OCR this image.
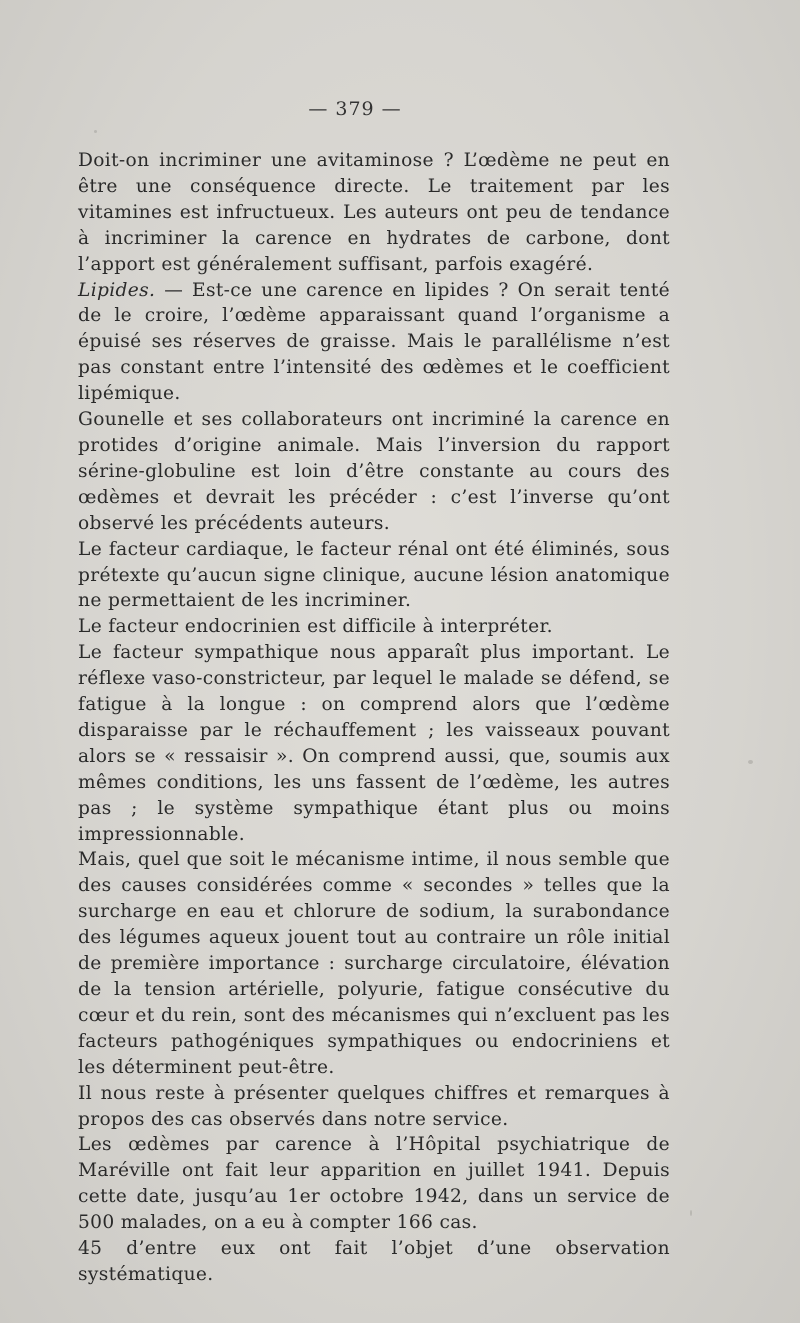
— 379 —

Doit-on incriminer une avitaminose ? L’œdème ne peut en être une conséquence directe. Le traitement par les vitamines est infructueux. Les auteurs ont peu de tendance à incriminer la carence en hydrates de carbone, dont l’apport est généralement suffisant, parfois exagéré.

Lipides. — Est-ce une carence en lipides ? On serait tenté de le croire, l’œdème apparaissant quand l’organisme a épuisé ses réserves de graisse. Mais le parallélisme n’est pas constant entre l’intensité des œdèmes et le coefficient lipémique.

Gounelle et ses collaborateurs ont incriminé la carence en protides d’origine animale. Mais l’inversion du rapport sérine-globuline est loin d’être constante au cours des œdèmes et devrait les précéder : c’est l’inverse qu’ont observé les précédents auteurs.

Le facteur cardiaque, le facteur rénal ont été éliminés, sous prétexte qu’aucun signe clinique, aucune lésion anatomique ne permettaient de les incriminer.

Le facteur endocrinien est difficile à interpréter.

Le facteur sympathique nous apparaît plus important. Le réflexe vaso-constricteur, par lequel le malade se défend, se fatigue à la longue : on comprend alors que l’œdème disparaisse par le réchauffement ; les vaisseaux pouvant alors se « ressaisir ». On comprend aussi, que, soumis aux mêmes conditions, les uns fassent de l’œdème, les autres pas ; le système sympathique étant plus ou moins impressionnable.

Mais, quel que soit le mécanisme intime, il nous semble que des causes considérées comme « secondes » telles que la surcharge en eau et chlorure de sodium, la surabondance des légumes aqueux jouent tout au contraire un rôle initial de première importance : surcharge circulatoire, élévation de la tension artérielle, polyurie, fatigue consécutive du cœur et du rein, sont des mécanismes qui n’excluent pas les facteurs pathogéniques sympathiques ou endocriniens et les déterminent peut-être.

Il nous reste à présenter quelques chiffres et remarques à propos des cas observés dans notre service.

Les œdèmes par carence à l’Hôpital psychiatrique de Maréville ont fait leur apparition en juillet 1941. Depuis cette date, jusqu’au 1er octobre 1942, dans un service de 500 malades, on a eu à compter 166 cas.

45 d’entre eux ont fait l’objet d’une observation systématique.
